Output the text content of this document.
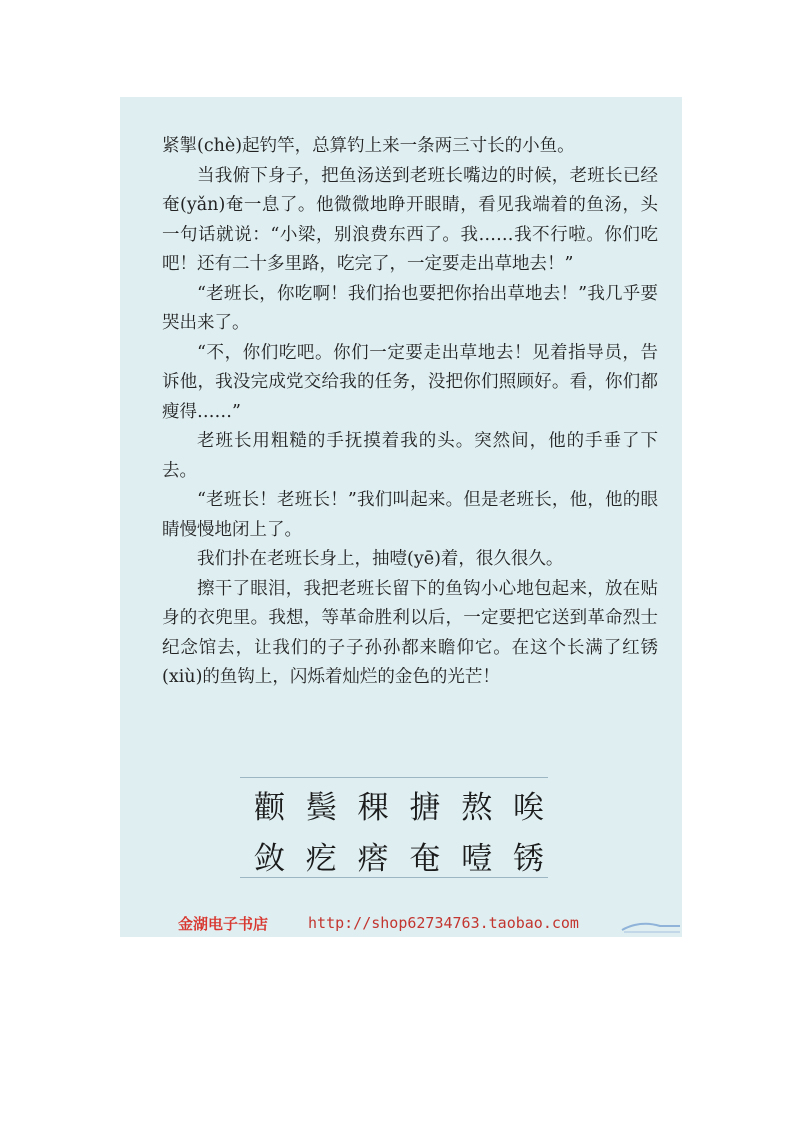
紧掣(chè)起钓竿，总算钓上来一条两三寸长的小鱼。

当我俯下身子，把鱼汤送到老班长嘴边的时候，老班长已经奄(yǎn)奄一息了。他微微地睁开眼睛，看见我端着的鱼汤，头一句话就说：“小梁，别浪费东西了。我……我不行啦。你们吃吧！还有二十多里路，吃完了，一定要走出草地去！”

“老班长，你吃啊！我们抬也要把你抬出草地去！”我几乎要哭出来了。

“不，你们吃吧。你们一定要走出草地去！见着指导员，告诉他，我没完成党交给我的任务，没把你们照顾好。看，你们都瘦得……”

老班长用粗糙的手抚摸着我的头。突然间，他的手垂了下去。

“老班长！老班长！”我们叫起来。但是老班长，他，他的眼睛慢慢地闭上了。

我们扑在老班长身上，抽噎(yē)着，很久很久。

擦干了眼泪，我把老班长留下的鱼钩小心地包起来，放在贴身的衣兜里。我想，等革命胜利以后，一定要把它送到革命烈士纪念馆去，让我们的子子孙孙都来瞻仰它。在这个长满了红锈(xiù)的鱼钩上，闪烁着灿烂的金色的光芒！

颧 鬓 稞 搪 熬 唉
敛 疙 瘩 奄 噎 锈
金湖电子书店	http://shop62734763.taobao.com
